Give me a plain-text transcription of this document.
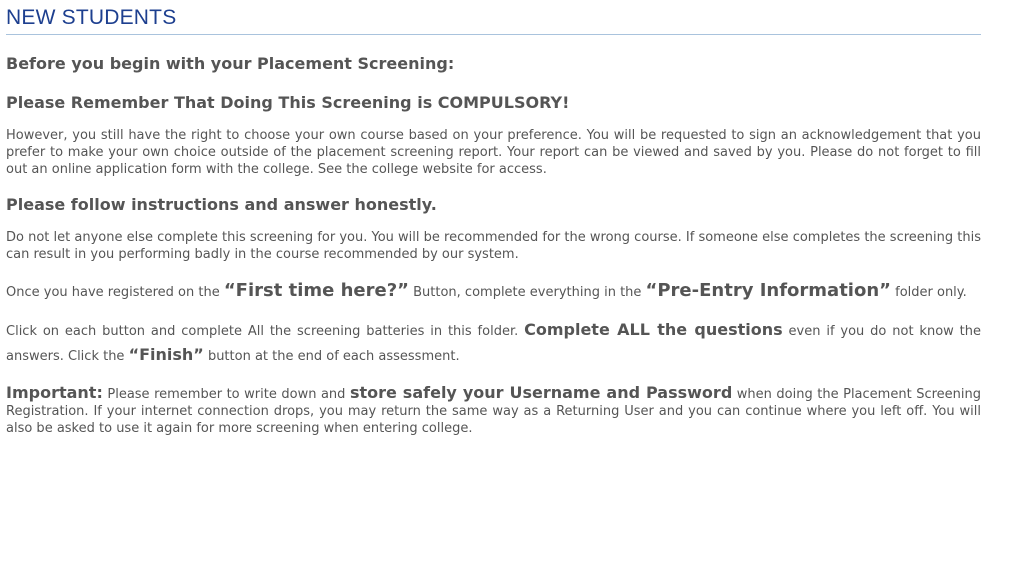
NEW STUDENTS
Before you begin with your Placement Screening:
Please Remember That Doing This Screening is COMPULSORY!

However, you still have the right to choose your own course based on your preference. You will be requested to sign an acknowledgement that you prefer to make your own choice outside of the placement screening report. Your report can be viewed and saved by you. Please do not forget to fill out an online application form with the college. See the college website for access.

Please follow instructions and answer honestly.

Do not let anyone else complete this screening for you. You will be recommended for the wrong course. If someone else completes the screening this can result in you performing badly in the course recommended by our system.

Once you have registered on the “First time here?” Button, complete everything in the “Pre-Entry Information” folder only.

Click on each button and complete All the screening batteries in this folder. Complete ALL the questions even if you do not know the answers. Click the “Finish” button at the end of each assessment.

Important: Please remember to write down and store safely your Username and Password when doing the Placement Screening Registration. If your internet connection drops, you may return the same way as a Returning User and you can continue where you left off. You will also be asked to use it again for more screening when entering college.
